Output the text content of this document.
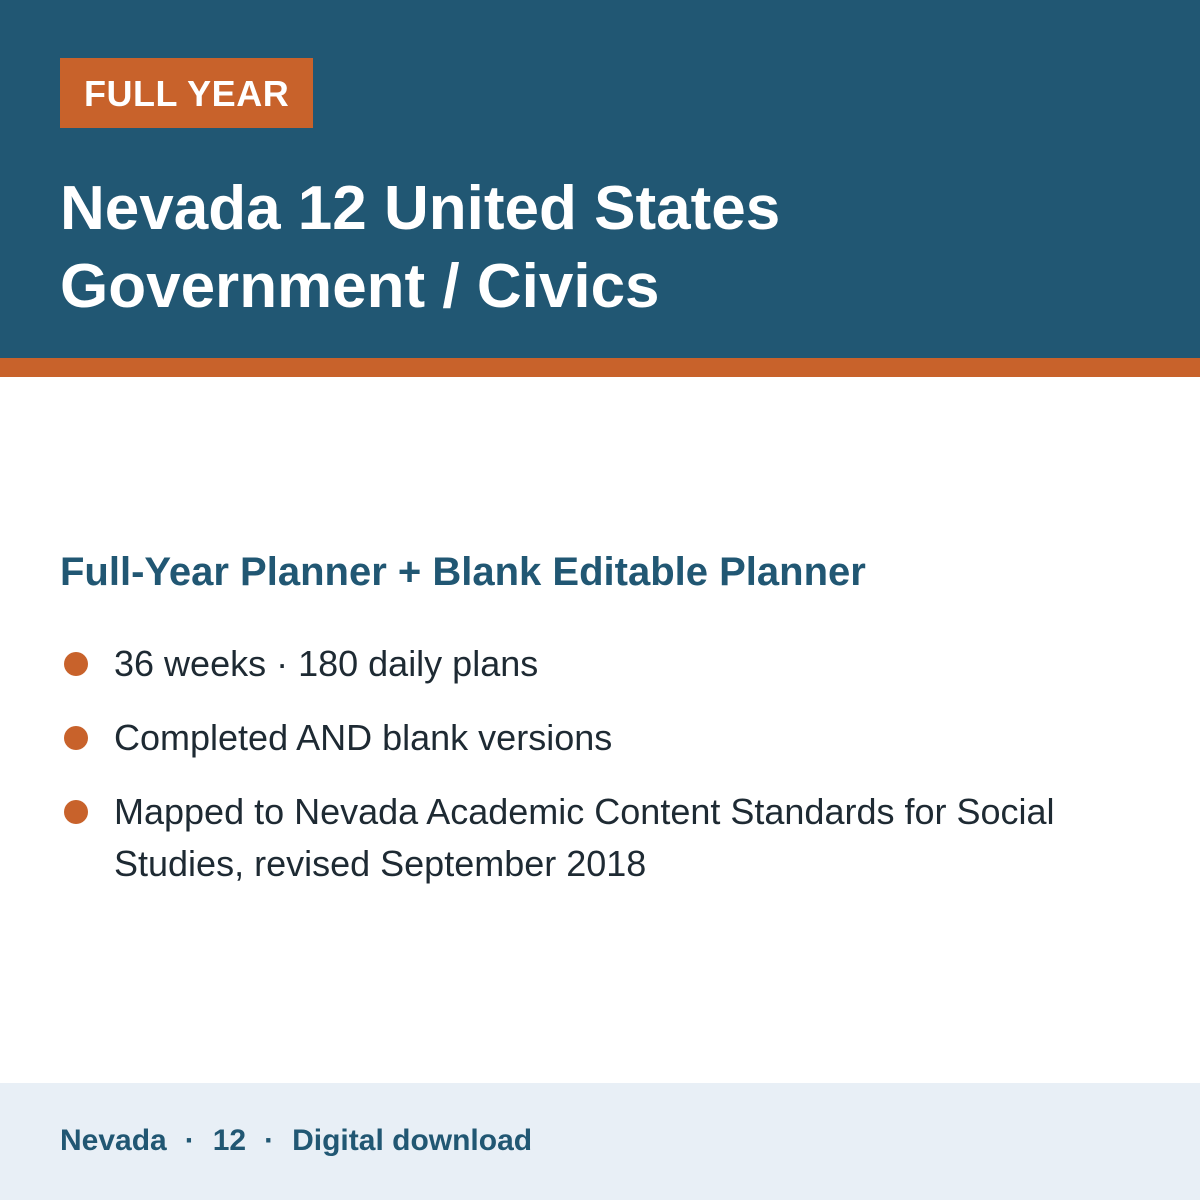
FULL YEAR
Nevada 12 United States
Government / Civics
Full-Year Planner + Blank Editable Planner
36 weeks · 180 daily plans
Completed AND blank versions
Mapped to Nevada Academic Content Standards for Social Studies, revised September 2018
Nevada · 12 · Digital download
